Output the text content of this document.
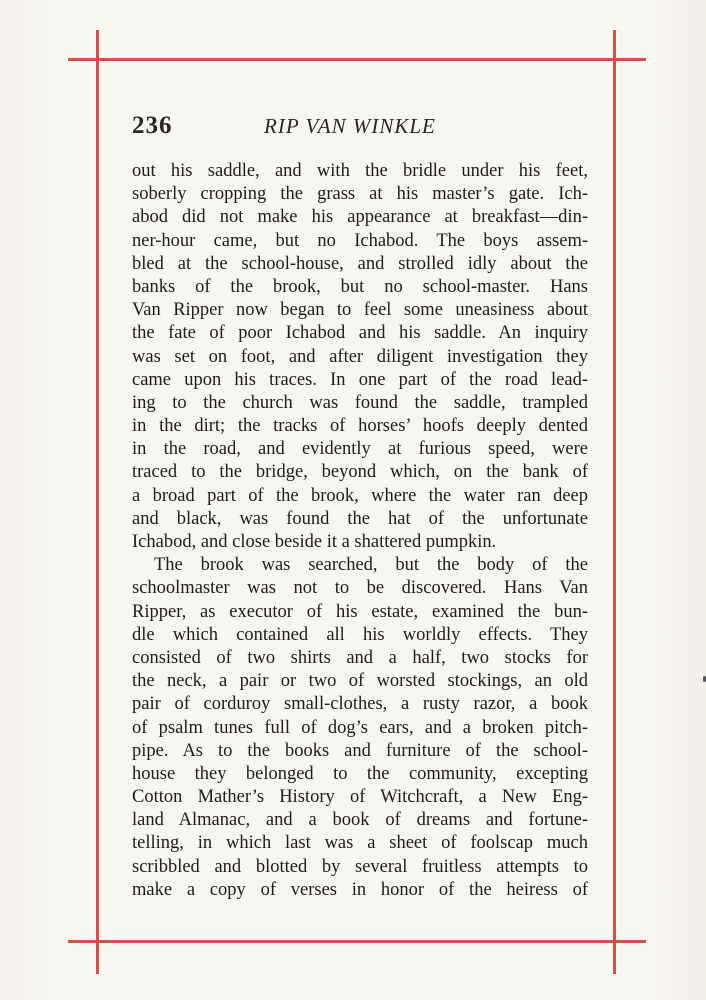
236	RIP VAN WINKLE
out his saddle, and with the bridle under his feet,
soberly cropping the grass at his master’s gate. Ich-
abod did not make his appearance at breakfast—din-
ner-hour came, but no Ichabod. The boys assem-
bled at the school-house, and strolled idly about the
banks of the brook, but no school-master. Hans
Van Ripper now began to feel some uneasiness about
the fate of poor Ichabod and his saddle. An inquiry
was set on foot, and after diligent investigation they
came upon his traces. In one part of the road lead-
ing to the church was found the saddle, trampled
in the dirt; the tracks of horses’ hoofs deeply dented
in the road, and evidently at furious speed, were
traced to the bridge, beyond which, on the bank of
a broad part of the brook, where the water ran deep
and black, was found the hat of the unfortunate
Ichabod, and close beside it a shattered pumpkin.
The brook was searched, but the body of the
schoolmaster was not to be discovered. Hans Van
Ripper, as executor of his estate, examined the bun-
dle which contained all his worldly effects. They
consisted of two shirts and a half, two stocks for
the neck, a pair or two of worsted stockings, an old
pair of corduroy small-clothes, a rusty razor, a book
of psalm tunes full of dog’s ears, and a broken pitch-
pipe. As to the books and furniture of the school-
house they belonged to the community, excepting
Cotton Mather’s History of Witchcraft, a New Eng-
land Almanac, and a book of dreams and fortune-
telling, in which last was a sheet of foolscap much
scribbled and blotted by several fruitless attempts to
make a copy of verses in honor of the heiress of
